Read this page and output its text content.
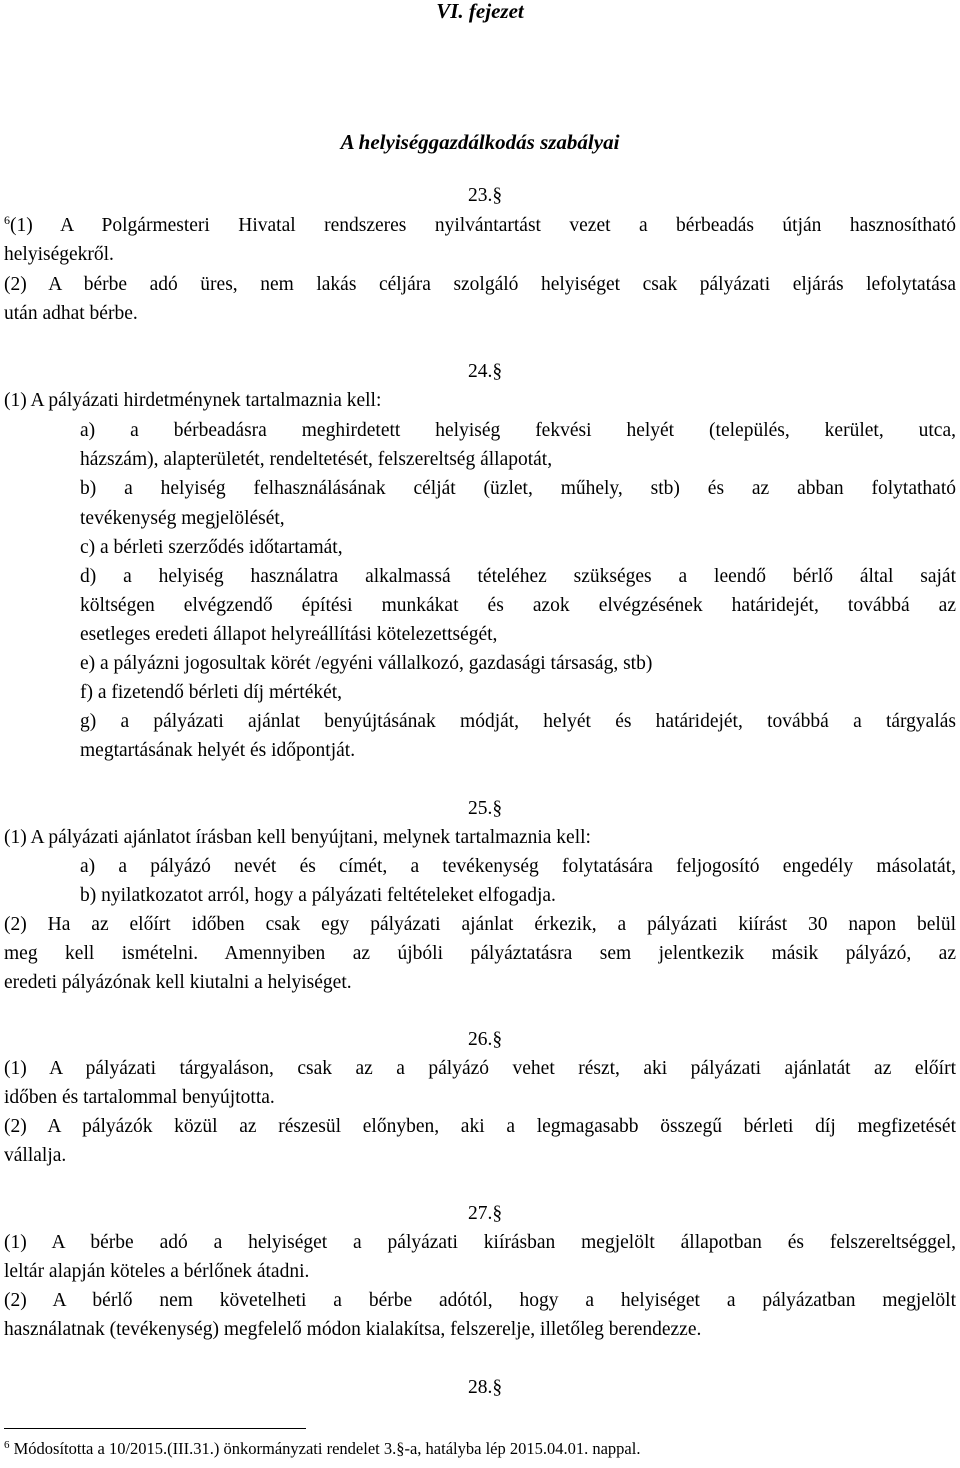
VI. fejezet
A helyiséggazdálkodás szabályai
23.§
$^6$(1) A Polgármesteri Hivatal rendszeres nyilvántartást vezet a bérbeadás útján hasznosítható
helyiségekről.
(2) A bérbe adó üres, nem lakás céljára szolgáló helyiséget csak pályázati eljárás lefolytatása
után adhat bérbe.
24.§
(1) A pályázati hirdetménynek tartalmaznia kell:
a) a bérbeadásra meghirdetett helyiség fekvési helyét (település, kerület, utca,
házszám), alapterületét, rendeltetését, felszereltség állapotát,
b) a helyiség felhasználásának célját (üzlet, műhely, stb) és az abban folytatható
tevékenység megjelölését,
c) a bérleti szerződés időtartamát,
d) a helyiség használatra alkalmassá tételéhez szükséges a leendő bérlő által saját
költségen elvégzendő építési munkákat és azok elvégzésének határidejét, továbbá az
esetleges eredeti állapot helyreállítási kötelezettségét,
e) a pályázni jogosultak körét /egyéni vállalkozó, gazdasági társaság, stb)
f) a fizetendő bérleti díj mértékét,
g) a pályázati ajánlat benyújtásának módját, helyét és határidejét, továbbá a tárgyalás
megtartásának helyét és időpontját.
25.§
(1) A pályázati ajánlatot írásban kell benyújtani, melynek tartalmaznia kell:
a) a pályázó nevét és címét, a tevékenység folytatására feljogosító engedély másolatát,
b) nyilatkozatot arról, hogy a pályázati feltételeket elfogadja.
(2) Ha az előírt időben csak egy pályázati ajánlat érkezik, a pályázati kiírást 30 napon belül
meg kell ismételni. Amennyiben az újbóli pályáztatásra sem jelentkezik másik pályázó, az
eredeti pályázónak kell kiutalni a helyiséget.
26.§
(1) A pályázati tárgyaláson, csak az a pályázó vehet részt, aki pályázati ajánlatát az előírt
időben és tartalommal benyújtotta.
(2) A pályázók közül az részesül előnyben, aki a legmagasabb összegű bérleti díj megfizetését
vállalja.
27.§
(1) A bérbe adó a helyiséget a pályázati kiírásban megjelölt állapotban és felszereltséggel,
leltár alapján köteles a bérlőnek átadni.
(2) A bérlő nem követelheti a bérbe adótól, hogy a helyiséget a pályázatban megjelölt
használatnak (tevékenység) megfelelő módon kialakítsa, felszerelje, illetőleg berendezze.
28.§
$^6$ Módosította a 10/2015.(III.31.) önkormányzati rendelet 3.§-a, hatályba lép 2015.04.01. nappal.
